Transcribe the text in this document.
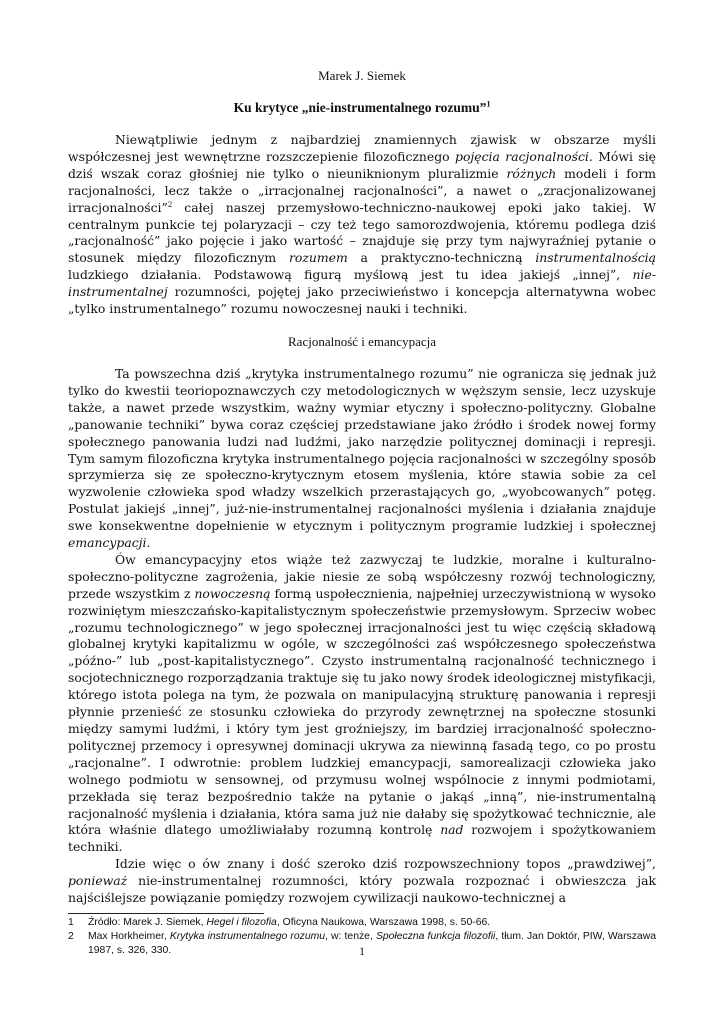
Marek J. Siemek
Ku krytyce „nie-instrumentalnego rozumu”$^1$

Niewątpliwie jednym z najbardziej znamiennych zjawisk w obszarze myśli współczesnej jest wewnętrzne rozszczepienie filozoficznego pojęcia racjonalności. Mówi się dziś wszak coraz głośniej nie tylko o nieuniknionym pluralizmie różnych modeli i form racjonalności, lecz także o „irracjonalnej racjonalności”, a nawet o „zracjonalizowanej irracjonalności”$^2$ całej naszej przemysłowo-techniczno-naukowej epoki jako takiej. W centralnym punkcie tej polaryzacji – czy też tego samorozdwojenia, któremu podlega dziś „racjonalność” jako pojęcie i jako wartość – znajduje się przy tym najwyraźniej pytanie o stosunek między filozoficznym rozumem a praktyczno-techniczną instrumentalnością ludzkiego działania. Podstawową figurą myślową jest tu idea jakiejś „innej”, nie-instrumentalnej rozumności, pojętej jako przeciwieństwo i koncepcja alternatywna wobec „tylko instrumentalnego” rozumu nowoczesnej nauki i techniki.

Racjonalność i emancypacja

Ta powszechna dziś „krytyka instrumentalnego rozumu” nie ogranicza się jednak już tylko do kwestii teoriopoznawczych czy metodologicznych w węższym sensie, lecz uzyskuje także, a nawet przede wszystkim, ważny wymiar etyczny i społeczno-polityczny. Globalne „panowanie techniki” bywa coraz częściej przedstawiane jako źródło i środek nowej formy społecznego panowania ludzi nad ludźmi, jako narzędzie politycznej dominacji i represji. Tym samym filozoficzna krytyka instrumentalnego pojęcia racjonalności w szczególny sposób sprzymierza się ze społeczno-krytycznym etosem myślenia, które stawia sobie za cel wyzwolenie człowieka spod władzy wszelkich przerastających go, „wyobcowanych” potęg. Postulat jakiejś „innej”, już-nie-instrumentalnej racjonalności myślenia i działania znajduje swe konsekwentne dopełnienie w etycznym i politycznym programie ludzkiej i społecznej emancypacji.

Ów emancypacyjny etos wiąże też zazwyczaj te ludzkie, moralne i kulturalno-społeczno-polityczne zagrożenia, jakie niesie ze sobą współczesny rozwój technologiczny, przede wszystkim z nowoczesną formą uspołecznienia, najpełniej urzeczywistnioną w wysoko rozwiniętym mieszczańsko-kapitalistycznym społeczeństwie przemysłowym. Sprzeciw wobec „rozumu technologicznego” w jego społecznej irracjonalności jest tu więc częścią składową globalnej krytyki kapitalizmu w ogóle, w szczególności zaś współczesnego społeczeństwa „późno-” lub „post-kapitalistycznego”. Czysto instrumentalną racjonalność technicznego i socjotechnicznego rozporządzania traktuje się tu jako nowy środek ideologicznej mistyfikacji, którego istota polega na tym, że pozwala on manipulacyjną strukturę panowania i represji płynnie przenieść ze stosunku człowieka do przyrody zewnętrznej na społeczne stosunki między samymi ludźmi, i który tym jest groźniejszy, im bardziej irracjonalność społeczno-politycznej przemocy i opresywnej dominacji ukrywa za niewinną fasadą tego, co po prostu „racjonalne”. I odwrotnie: problem ludzkiej emancypacji, samorealizacji człowieka jako wolnego podmiotu w sensownej, od przymusu wolnej wspólnocie z innymi podmiotami, przekłada się teraz bezpośrednio także na pytanie o jakąś „inną”, nie-instrumentalną racjonalność myślenia i działania, która sama już nie dałaby się spożytkować technicznie, ale która właśnie dlatego umożliwiałaby rozumną kontrolę nad rozwojem i spożytkowaniem techniki.

Idzie więc o ów znany i dość szeroko dziś rozpowszechniony topos „prawdziwej”, ponieważ nie-instrumentalnej rozumności, który pozwala rozpoznać i obwieszcza jak najściślejsze powiązanie pomiędzy rozwojem cywilizacji naukowo-technicznej a

1	Źródło: Marek J. Siemek, Hegel i filozofia, Oficyna Naukowa, Warszawa 1998, s. 50-66.
2	Max Horkheimer, Krytyka instrumentalnego rozumu, w: tenże, Społeczna funkcja filozofii, tłum. Jan Doktór, PIW, Warszawa 1987, s. 326, 330.	1
